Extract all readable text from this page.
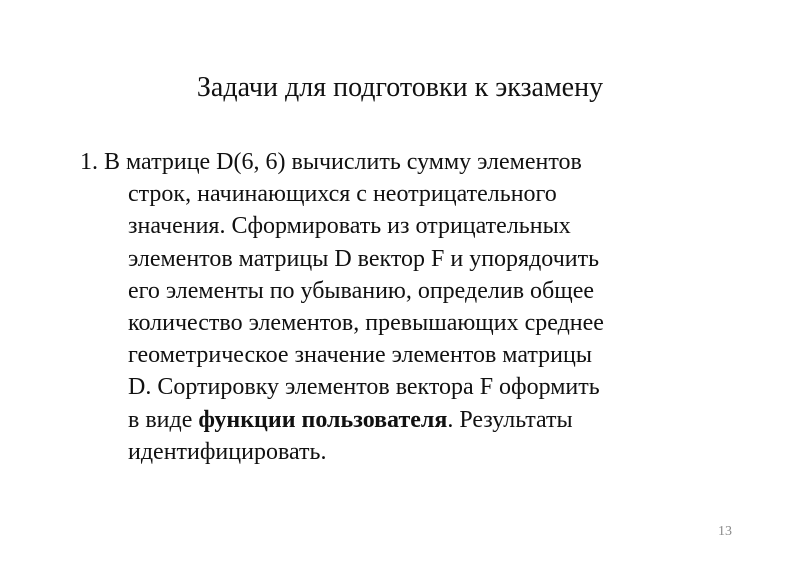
Задачи для подготовки к экзамену
1. В матрице D(6, 6) вычислить сумму элементов
строк, начинающихся с неотрицательного
значения. Сформировать из отрицательных
элементов матрицы D вектор F и упорядочить
его элементы по убыванию, определив общее
количество элементов, превышающих среднее
геометрическое значение элементов матрицы
D. Сортировку элементов вектора F оформить
в виде функции пользователя. Результаты
идентифицировать.
13
